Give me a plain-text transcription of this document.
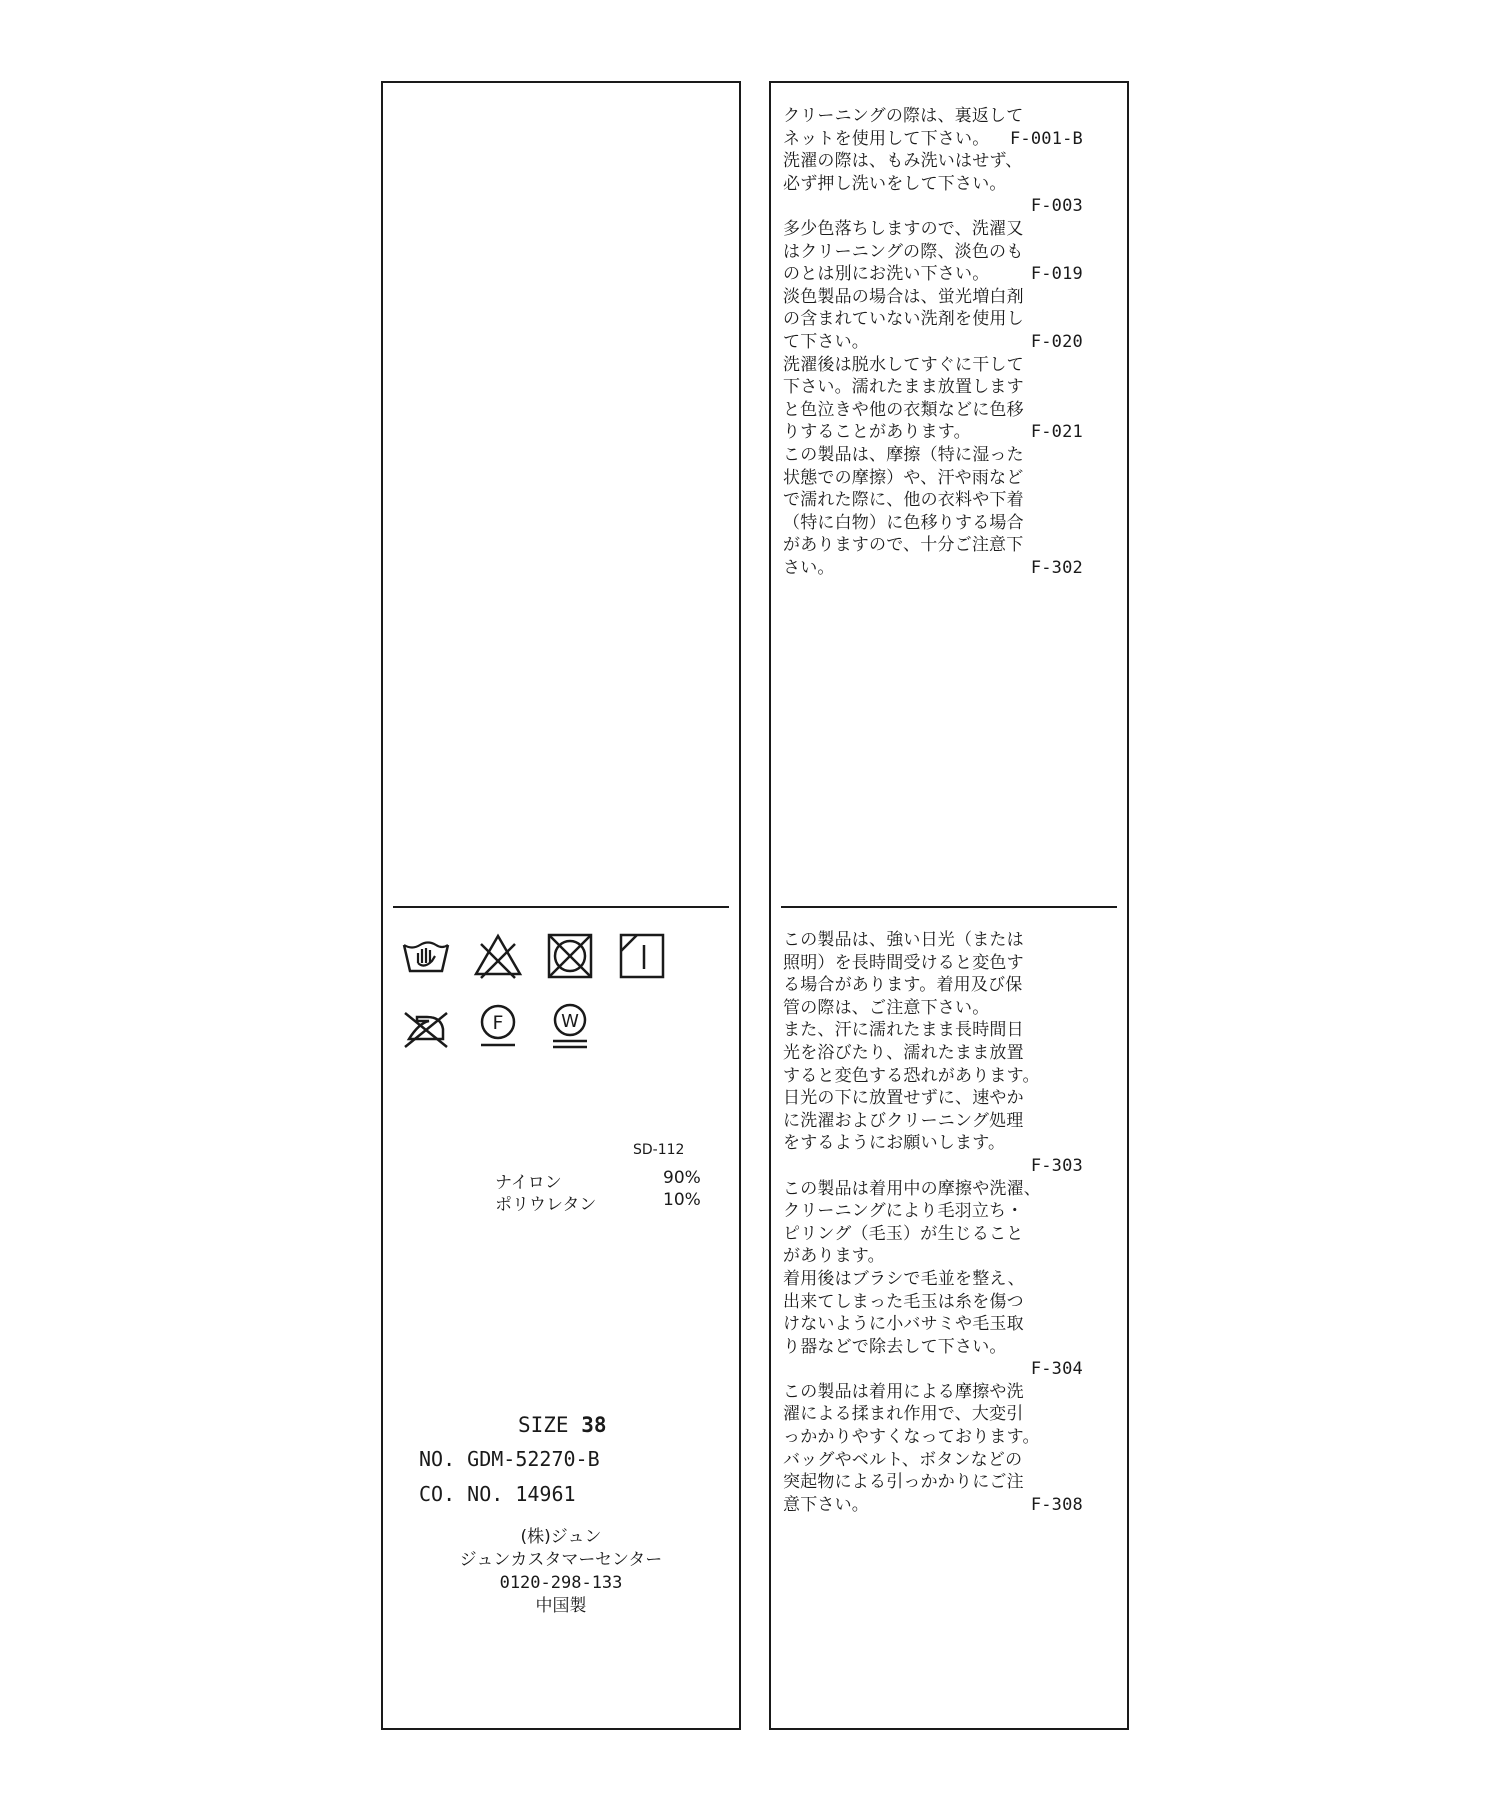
F	W
SD-112
ナイロン	90%
ポリウレタン	10%
SIZE 38
NO. GDM-52270-B
CO. NO. 14961
(株)ジュン
ジュンカスタマーセンター
0120-298-133
中国製
クリーニングの際は、裏返して
ネットを使用して下さい。 F-001-B
洗濯の際は、もみ洗いはせず、
必ず押し洗いをして下さい。
F-003
多少色落ちしますので、洗濯又
はクリーニングの際、淡色のも
のとは別にお洗い下さい。 F-019
淡色製品の場合は、蛍光増白剤
の含まれていない洗剤を使用し
て下さい。	F-020
洗濯後は脱水してすぐに干して
下さい。濡れたまま放置します
と色泣きや他の衣類などに色移
りすることがあります。	F-021
この製品は、摩擦（特に湿った
状態での摩擦）や、汗や雨など
で濡れた際に、他の衣料や下着
（特に白物）に色移りする場合
がありますので、十分ご注意下
さい。	F-302
この製品は、強い日光（または
照明）を長時間受けると変色す
る場合があります。着用及び保
管の際は、ご注意下さい。
また、汗に濡れたまま長時間日
光を浴びたり、濡れたまま放置
すると変色する恐れがあります。
日光の下に放置せずに、速やか
に洗濯およびクリーニング処理
をするようにお願いします。
F-303
この製品は着用中の摩擦や洗濯、
クリーニングにより毛羽立ち・
ピリング（毛玉）が生じること
があります。
着用後はブラシで毛並を整え、
出来てしまった毛玉は糸を傷つ
けないように小バサミや毛玉取
り器などで除去して下さい。
F-304
この製品は着用による摩擦や洗
濯による揉まれ作用で、大変引
っかかりやすくなっております。
バッグやベルト、ボタンなどの
突起物による引っかかりにご注
意下さい。	F-308
